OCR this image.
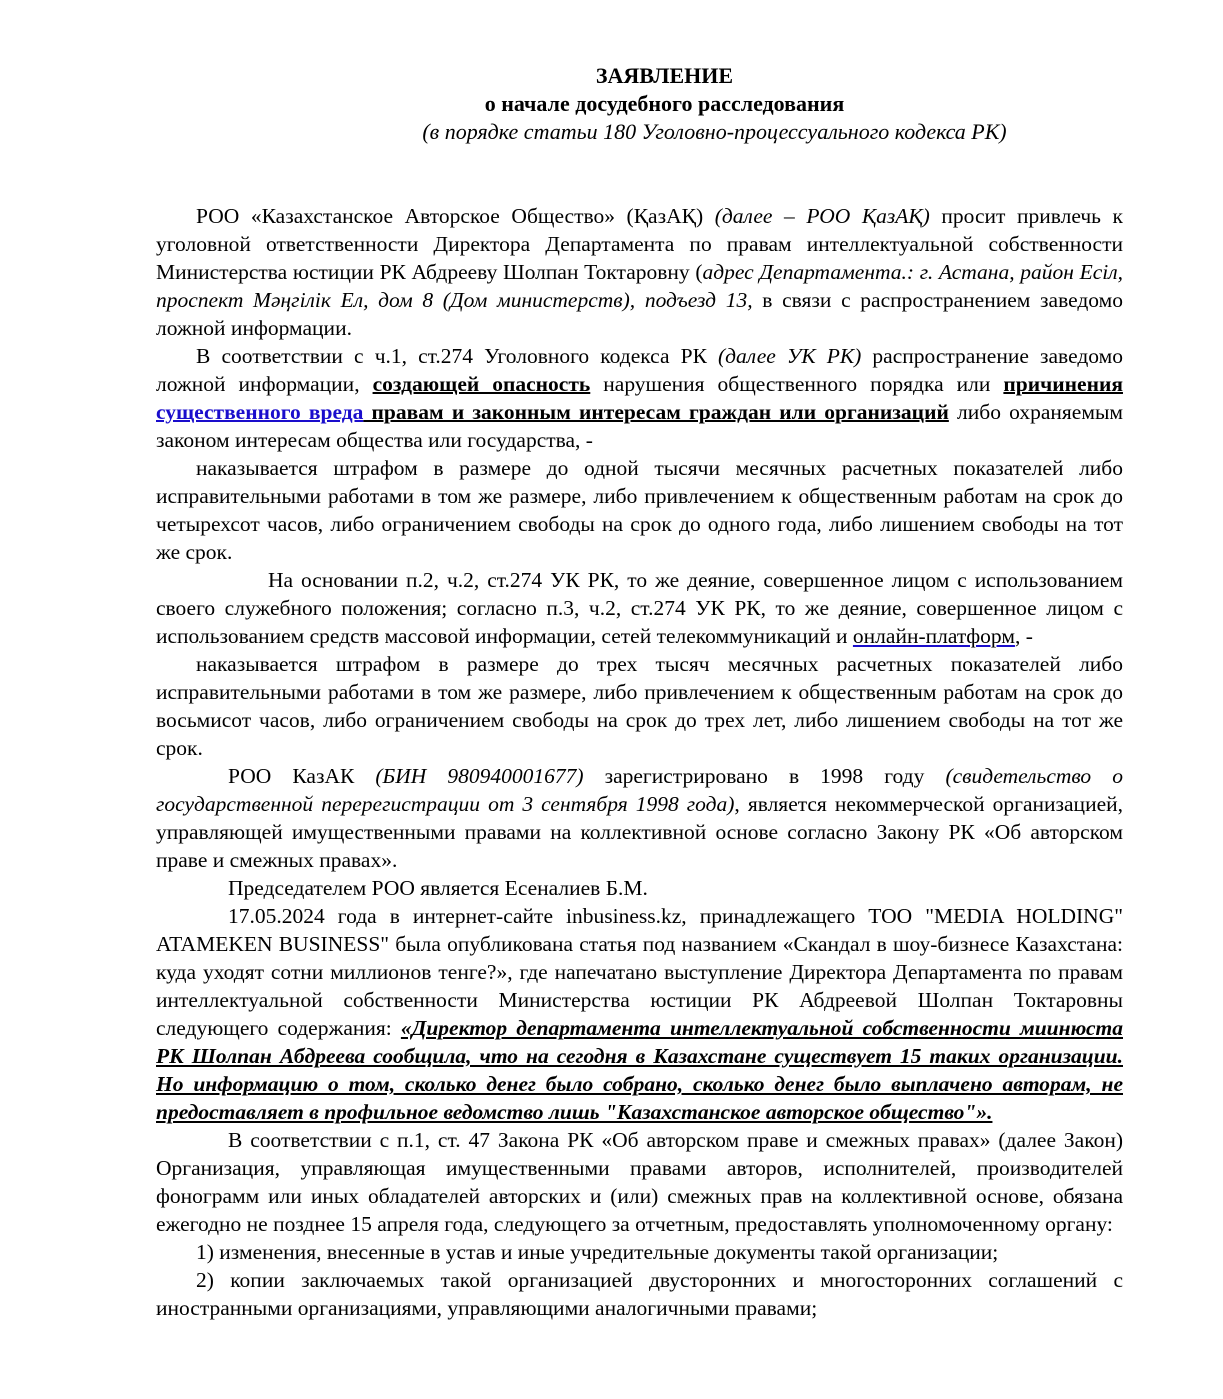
ЗАЯВЛЕНИЕ

о начале досудебного расследования

(в порядке статьи 180 Уголовно-процессуального кодекса РК)

РОО «Казахстанское Авторское Общество» (ҚазАҚ) (далее – РОО ҚазАҚ) просит привлечь к уголовной ответственности Директора Департамента по правам интеллектуальной собственности Министерства юстиции РК Абдрееву Шолпан Токтаровну (адрес Департамента.: г. Астана, район Есіл, проспект Мәңгілік Ел, дом 8 (Дом министерств), подъезд 13, в связи с распространением заведомо ложной информации.

В соответствии с ч.1, ст.274 Уголовного кодекса РК (далее УК РК) распространение заведомо ложной информации, создающей опасность нарушения общественного порядка или причинения существенного вреда правам и законным интересам граждан или организаций либо охраняемым законом интересам общества или государства, -

наказывается штрафом в размере до одной тысячи месячных расчетных показателей либо исправительными работами в том же размере, либо привлечением к общественным работам на срок до четырехсот часов, либо ограничением свободы на срок до одного года, либо лишением свободы на тот же срок.

На основании п.2, ч.2, ст.274 УК РК, то же деяние, совершенное лицом с использованием своего служебного положения; согласно п.3, ч.2, ст.274 УК РК, то же деяние, совершенное лицом с использованием средств массовой информации, сетей телекоммуникаций и онлайн-платформ, -

наказывается штрафом в размере до трех тысяч месячных расчетных показателей либо исправительными работами в том же размере, либо привлечением к общественным работам на срок до восьмисот часов, либо ограничением свободы на срок до трех лет, либо лишением свободы на тот же срок.

РОО КазАК (БИН 980940001677) зарегистрировано в 1998 году (свидетельство о государственной перерегистрации от 3 сентября 1998 года), является некоммерческой организацией, управляющей имущественными правами на коллективной основе согласно Закону РК «Об авторском праве и смежных правах».

Председателем РОО является Есеналиев Б.М.

17.05.2024 года в интернет-сайте inbusiness.kz, принадлежащего ТОО "MEDIA HOLDING" ATAMEKEN BUSINESS" была опубликована статья под названием «Скандал в шоу-бизнесе Казахстана: куда уходят сотни миллионов тенге?», где напечатано выступление Директора Департамента по правам интеллектуальной собственности Министерства юстиции РК Абдреевой Шолпан Токтаровны следующего содержания: «Директор департамента интеллектуальной собственности миинюста РК Шолпан Абдреева сообщила, что на сегодня в Казахстане существует 15 таких организации. Но информацию о том, сколько денег было собрано, сколько денег было выплачено авторам, не предоставляет в профильное ведомство лишь "Казахстанское авторское общество"».

В соответствии с п.1, ст. 47 Закона РК «Об авторском праве и смежных правах» (далее Закон) Организация, управляющая имущественными правами авторов, исполнителей, производителей фонограмм или иных обладателей авторских и (или) смежных прав на коллективной основе, обязана ежегодно не позднее 15 апреля года, следующего за отчетным, предоставлять уполномоченному органу:

1) изменения, внесенные в устав и иные учредительные документы такой организации;

2) копии заключаемых такой организацией двусторонних и многосторонних соглашений с иностранными организациями, управляющими аналогичными правами;
